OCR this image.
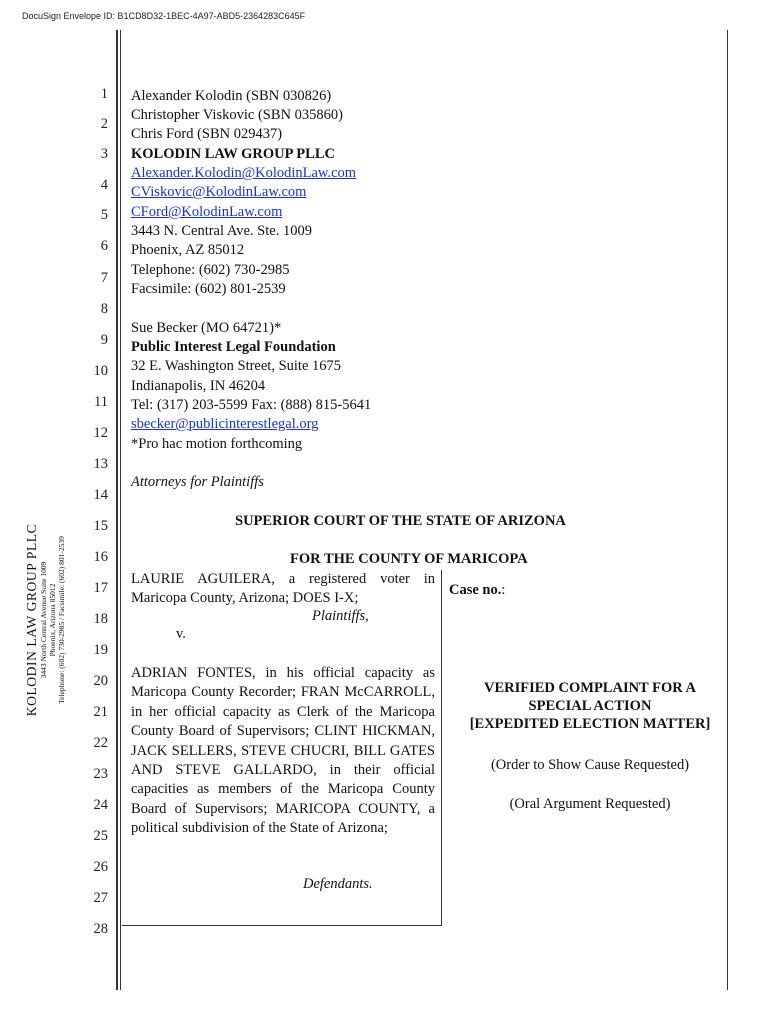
DocuSign Envelope ID: B1CD8D32-1BEC-4A97-ABD5-2364283C645F
1
2
3
4
5
6
7
8
9
10
11
12
13
14
15
16
17
18
19
20
21
22
23
24
25
26
27
28
KOLODIN LAW GROUP PLLC 3443 North Central Avenue Suite 1009 Phoenix, Arizona 85012 Telephone: (602) 730-2985 / Facsimile: (602) 801-2539
Alexander Kolodin (SBN 030826)
Christopher Viskovic (SBN 035860)
Chris Ford (SBN 029437)
KOLODIN LAW GROUP PLLC
Alexander.Kolodin@KolodinLaw.com
CViskovic@KolodinLaw.com
CFord@KolodinLaw.com
3443 N. Central Ave. Ste. 1009
Phoenix, AZ 85012
Telephone: (602) 730-2985
Facsimile: (602) 801-2539
Sue Becker (MO 64721)*
Public Interest Legal Foundation
32 E. Washington Street, Suite 1675
Indianapolis, IN 46204
Tel: (317) 203-5599 Fax: (888) 815-5641
sbecker@publicinterestlegal.org
*Pro hac motion forthcoming
Attorneys for Plaintiffs
SUPERIOR COURT OF THE STATE OF ARIZONA
FOR THE COUNTY OF MARICOPA
LAURIE AGUILERA, a registered voter in Maricopa County, Arizona; DOES I-X;
Plaintiffs,
v.
ADRIAN FONTES, in his official capacity as Maricopa County Recorder; FRAN McCARROLL, in her official capacity as Clerk of the Maricopa County Board of Supervisors; CLINT HICKMAN, JACK SELLERS, STEVE CHUCRI, BILL GATES AND STEVE GALLARDO, in their official capacities as members of the Maricopa County Board of Supervisors; MARICOPA COUNTY, a political subdivision of the State of Arizona;
Defendants.
Case no.:
VERIFIED COMPLAINT FOR A
SPECIAL ACTION
[EXPEDITED ELECTION MATTER]
(Order to Show Cause Requested)
(Oral Argument Requested)
